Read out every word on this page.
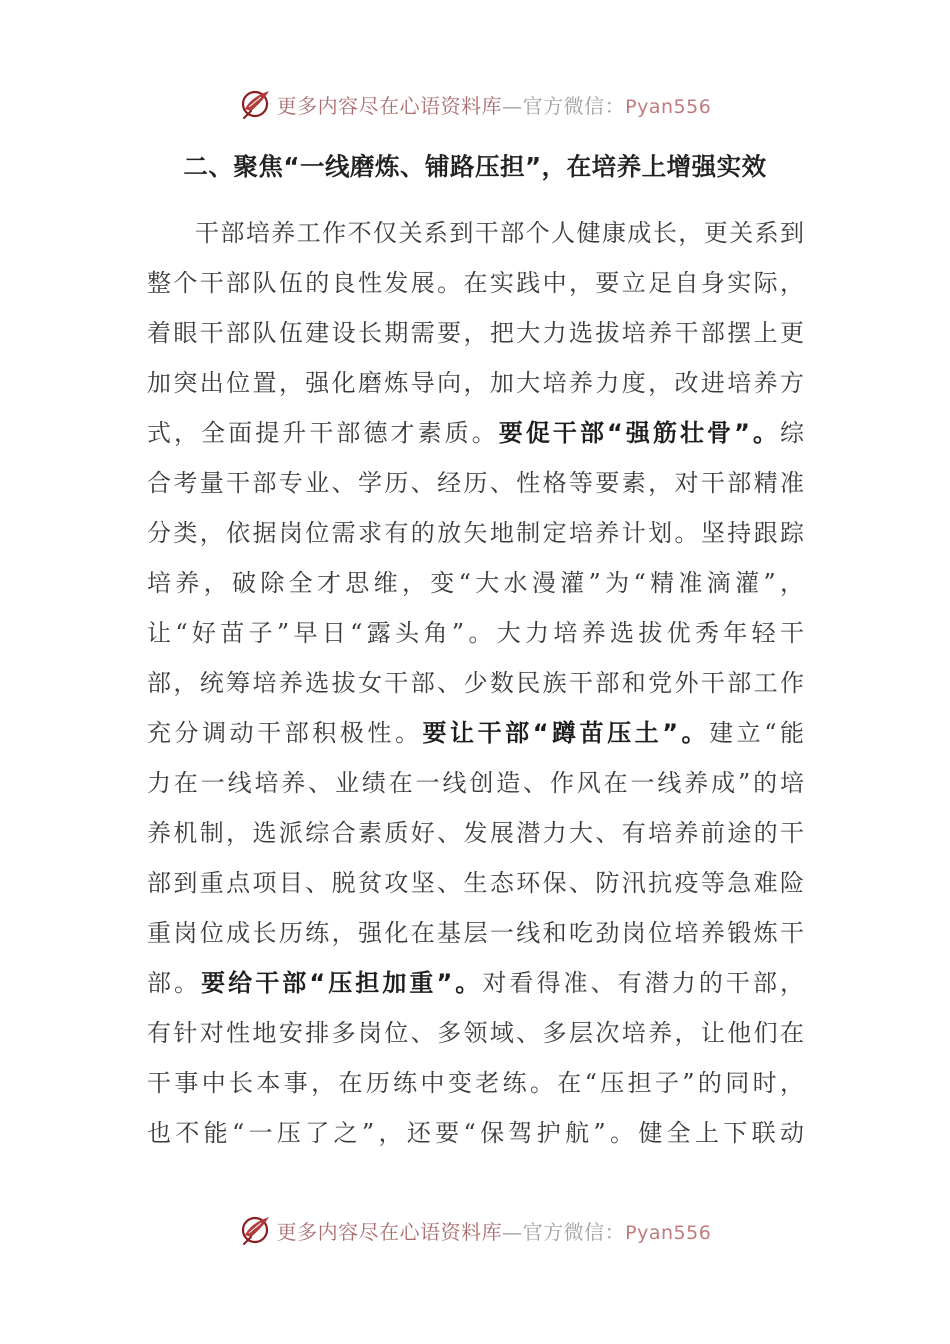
更多内容尽在心语资料库—官方微信：Pyan556
二、聚焦“一线磨炼、铺路压担”，在培养上增强实效
干部培养工作不仅关系到干部个人健康成长，更关系到
整个干部队伍的良性发展。在实践中，要立足自身实际，
着眼干部队伍建设长期需要，把大力选拔培养干部摆上更
加突出位置，强化磨炼导向，加大培养力度，改进培养方
式，全面提升干部德才素质。要促干部“强筋壮骨”。综
合考量干部专业、学历、经历、性格等要素，对干部精准
分类，依据岗位需求有的放矢地制定培养计划。坚持跟踪
培养，破除全才思维，变“大水漫灌”为“精准滴灌”，
让“好苗子”早日“露头角”。大力培养选拔优秀年轻干
部，统筹培养选拔女干部、少数民族干部和党外干部工作
充分调动干部积极性。要让干部“蹲苗压土”。建立“能
力在一线培养、业绩在一线创造、作风在一线养成”的培
养机制，选派综合素质好、发展潜力大、有培养前途的干
部到重点项目、脱贫攻坚、生态环保、防汛抗疫等急难险
重岗位成长历练，强化在基层一线和吃劲岗位培养锻炼干
部。要给干部“压担加重”。对看得准、有潜力的干部，
有针对性地安排多岗位、多领域、多层次培养，让他们在
干事中长本事，在历练中变老练。在“压担子”的同时，
也不能“一压了之”，还要“保驾护航”。健全上下联动
更多内容尽在心语资料库—官方微信：Pyan556
